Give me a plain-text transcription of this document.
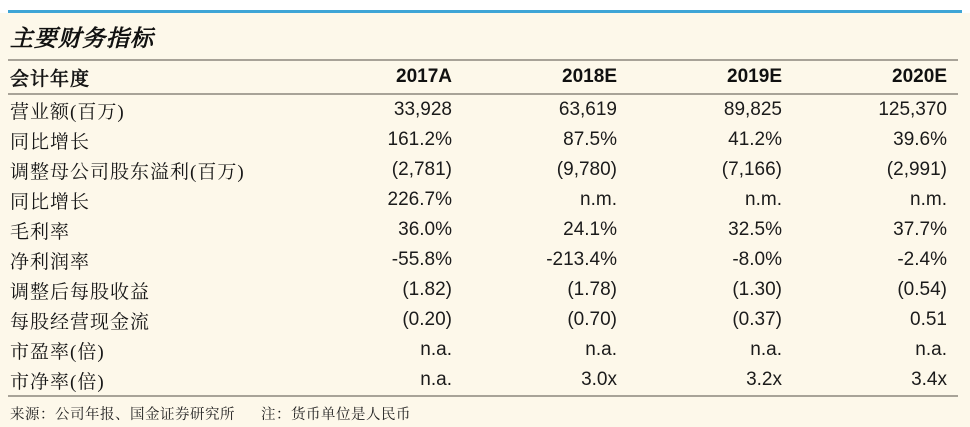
主要财务指标
会计年度	2017A	2018E	2019E	2020E
营业额(百万)	33,928	63,619	89,825	125,370
同比增长	161.2%	87.5%	41.2%	39.6%
调整母公司股东溢利(百万)	(2,781)	(9,780)	(7,166)	(2,991)
同比增长	226.7%	n.m.	n.m.	n.m.
毛利率	36.0%	24.1%	32.5%	37.7%
净利润率	-55.8%	-213.4%	-8.0%	-2.4%
调整后每股收益	(1.82)	(1.78)	(1.30)	(0.54)
每股经营现金流	(0.20)	(0.70)	(0.37)	0.51
市盈率(倍)	n.a.	n.a.	n.a.	n.a.
市净率(倍)	n.a.	3.0x	3.2x	3.4x
来源：公司年报、国金证券研究所 注：货币单位是人民币
